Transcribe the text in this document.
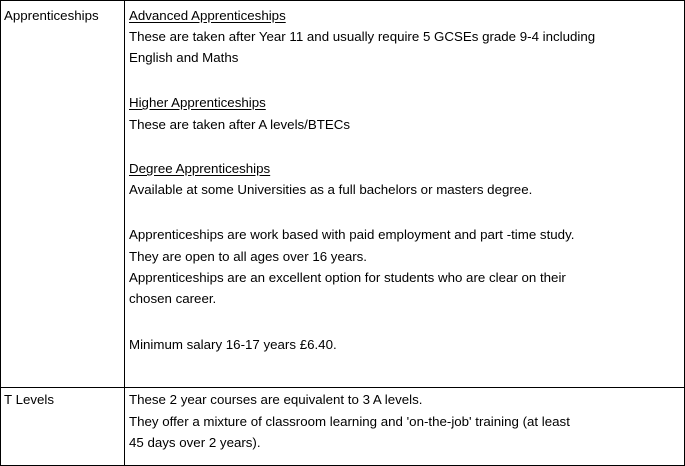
Apprenticeships Advanced Apprenticeships
These are taken after Year 11 and usually require 5 GCSEs grade 9-4 including
English and Maths
Higher Apprenticeships
These are taken after A levels/BTECs
Degree Apprenticeships
Available at some Universities as a full bachelors or masters degree.
Apprenticeships are work based with paid employment and part -time study.
They are open to all ages over 16 years.
Apprenticeships are an excellent option for students who are clear on their
chosen career.
Minimum salary 16-17 years £6.40.
T Levels	These 2 year courses are equivalent to 3 A levels.
They offer a mixture of classroom learning and 'on-the-job' training (at least
45 days over 2 years).
